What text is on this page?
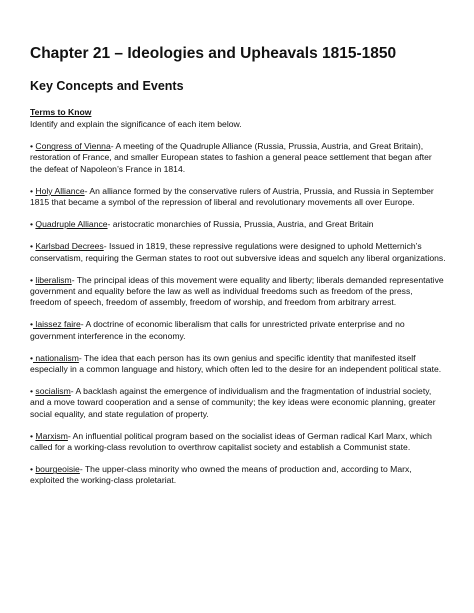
Chapter 21 – Ideologies and Upheavals 1815-1850
Key Concepts and Events
Terms to Know
Identify and explain the significance of each item below.

• Congress of Vienna- A meeting of the Quadruple Alliance (Russia, Prussia, Austria, and Great Britain), restoration of France, and smaller European states to fashion a general peace settlement that began after the defeat of Napoleon’s France in 1814.

• Holy Alliance- An alliance formed by the conservative rulers of Austria, Prussia, and Russia in September 1815 that became a symbol of the repression of liberal and revolutionary movements all over Europe.

• Quadruple Alliance- aristocratic monarchies of Russia, Prussia, Austria, and Great Britain

• Karlsbad Decrees- Issued in 1819, these repressive regulations were designed to uphold Metternich’s conservatism, requiring the German states to root out subversive ideas and squelch any liberal organizations.

• liberalism- The principal ideas of this movement were equality and liberty; liberals demanded representative government and equality before the law as well as individual freedoms such as freedom of the press, freedom of speech, freedom of assembly, freedom of worship, and freedom from arbitrary arrest.

• laissez faire- A doctrine of economic liberalism that calls for unrestricted private enterprise and no government interference in the economy.

• nationalism- The idea that each person has its own genius and specific identity that manifested itself especially in a common language and history, which often led to the desire for an independent political state.

• socialism- A backlash against the emergence of individualism and the fragmentation of industrial society, and a move toward cooperation and a sense of community; the key ideas were economic planning, greater social equality, and state regulation of property.

• Marxism- An influential political program based on the socialist ideas of German radical Karl Marx, which called for a working-class revolution to overthrow capitalist society and establish a Communist state.

• bourgeoisie- The upper-class minority who owned the means of production and, according to Marx, exploited the working-class proletariat.
